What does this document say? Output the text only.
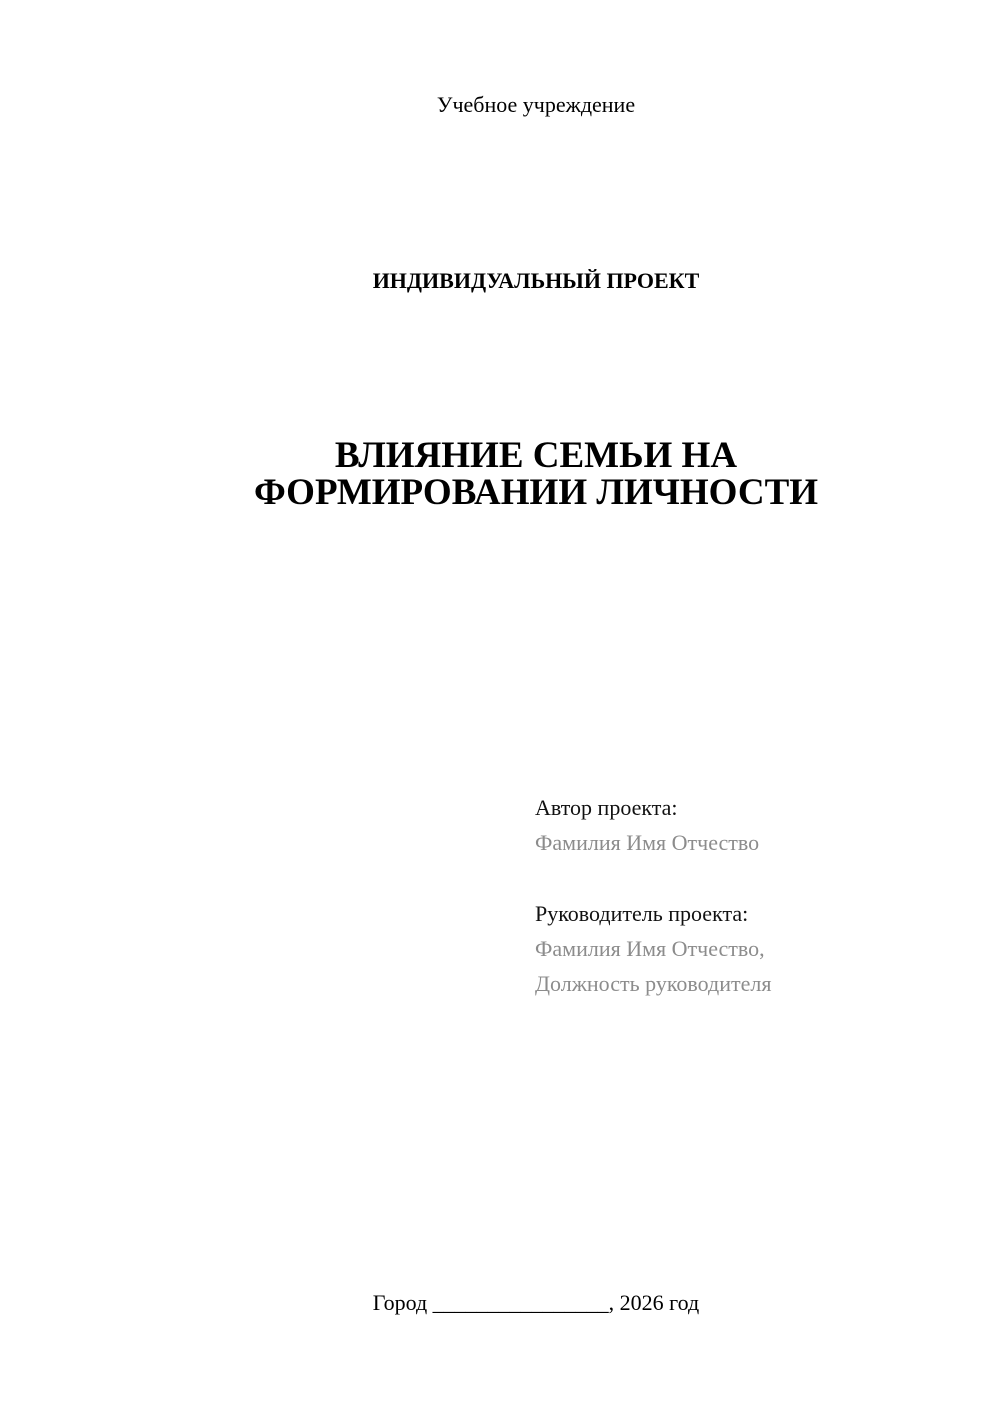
Учебное учреждение
ИНДИВИДУАЛЬНЫЙ ПРОЕКТ
ВЛИЯНИЕ СЕМЬИ НА
ФОРМИРОВАНИИ ЛИЧНОСТИ
Автор проекта:
Фамилия Имя Отчество
Руководитель проекта:
Фамилия Имя Отчество,
Должность руководителя
Город ________________, 2026 год
